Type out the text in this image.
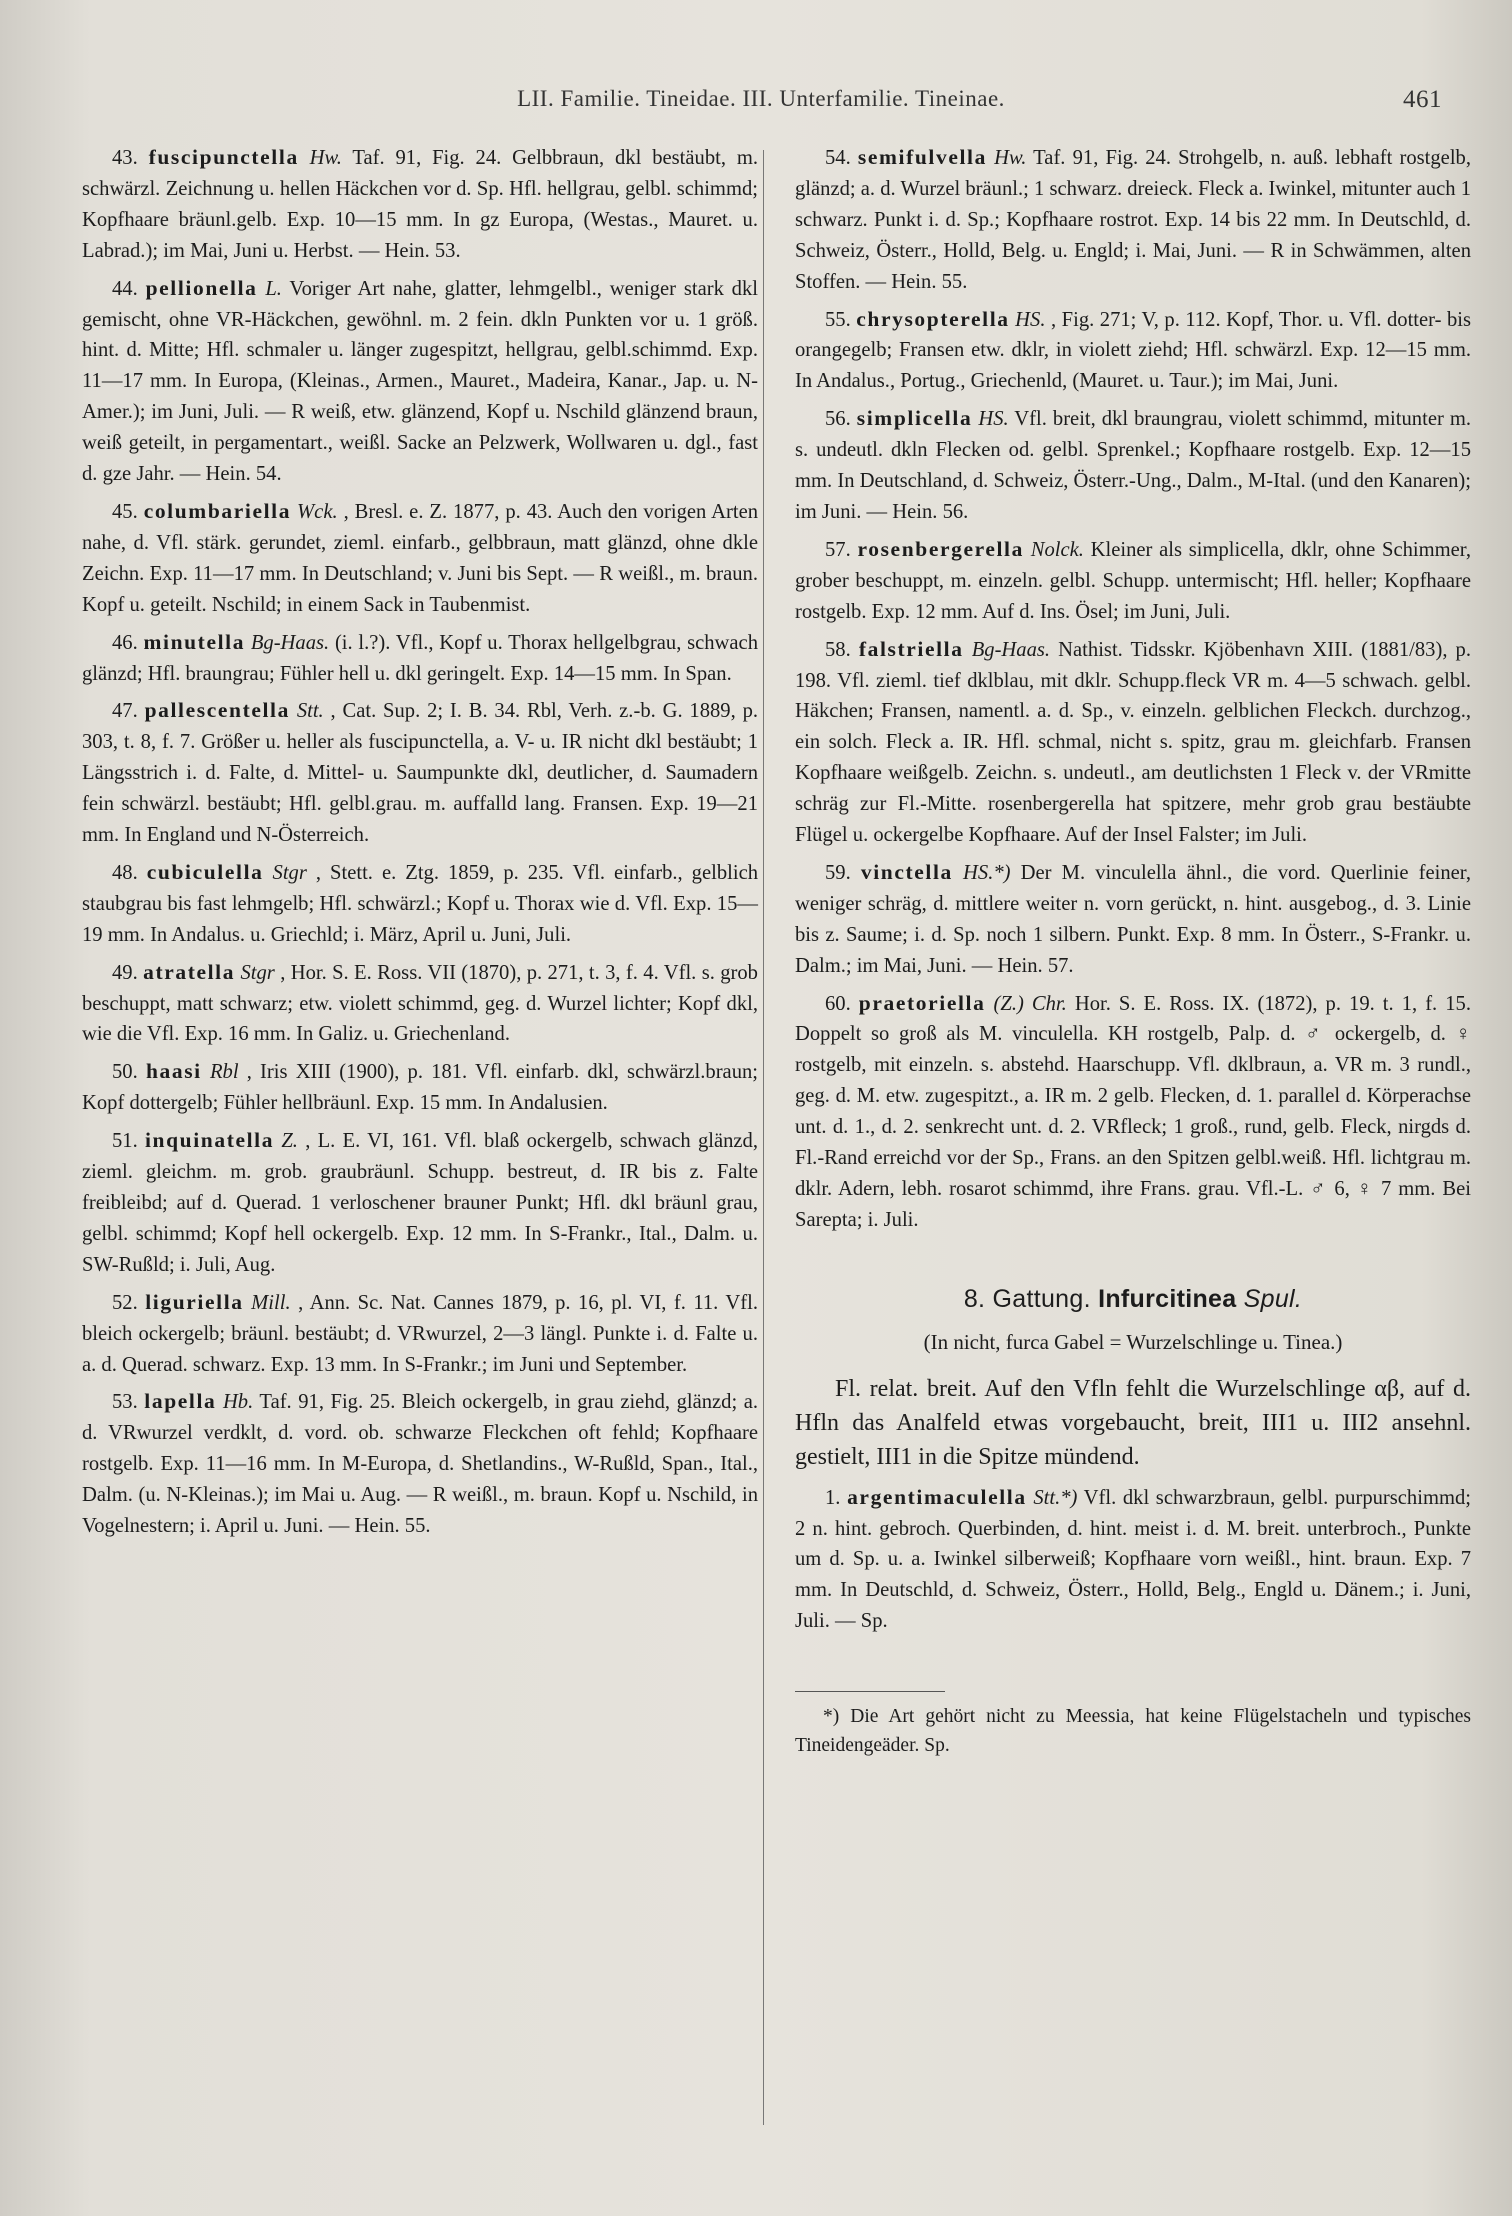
LII. Familie. Tineidae. III. Unterfamilie. Tineinae.	461

43. fuscipunctella Hw. Taf. 91, Fig. 24. Gelbbraun, dkl bestäubt, m. schwärzl. Zeichnung u. hellen Häckchen vor d. Sp. Hfl. hellgrau, gelbl. schimmd; Kopfhaare bräunl.gelb. Exp. 10—15 mm. In gz Europa, (Westas., Mauret. u. Labrad.); im Mai, Juni u. Herbst. — Hein. 53.

44. pellionella L. Voriger Art nahe, glatter, lehmgelbl., weniger stark dkl gemischt, ohne VR-Häckchen, gewöhnl. m. 2 fein. dkln Punkten vor u. 1 größ. hint. d. Mitte; Hfl. schmaler u. länger zugespitzt, hellgrau, gelbl.schimmd. Exp. 11—17 mm. In Europa, (Kleinas., Armen., Mauret., Madeira, Kanar., Jap. u. N-Amer.); im Juni, Juli. — R weiß, etw. glänzend, Kopf u. Nschild glänzend braun, weiß geteilt, in pergamentart., weißl. Sacke an Pelzwerk, Wollwaren u. dgl., fast d. gze Jahr. — Hein. 54.

45. columbariella Wck. , Bresl. e. Z. 1877, p. 43. Auch den vorigen Arten nahe, d. Vfl. stärk. gerundet, zieml. einfarb., gelbbraun, matt glänzd, ohne dkle Zeichn. Exp. 11—17 mm. In Deutschland; v. Juni bis Sept. — R weißl., m. braun. Kopf u. geteilt. Nschild; in einem Sack in Taubenmist.

46. minutella Bg-Haas. (i. l.?). Vfl., Kopf u. Thorax hellgelbgrau, schwach glänzd; Hfl. braungrau; Fühler hell u. dkl geringelt. Exp. 14—15 mm. In Span.

47. pallescentella Stt. , Cat. Sup. 2; I. B. 34. Rbl, Verh. z.-b. G. 1889, p. 303, t. 8, f. 7. Größer u. heller als fuscipunctella, a. V- u. IR nicht dkl bestäubt; 1 Längsstrich i. d. Falte, d. Mittel- u. Saumpunkte dkl, deutlicher, d. Saumadern fein schwärzl. bestäubt; Hfl. gelbl.grau. m. auffalld lang. Fransen. Exp. 19—21 mm. In England und N-Österreich.

48. cubiculella Stgr , Stett. e. Ztg. 1859, p. 235. Vfl. einfarb., gelblich staubgrau bis fast lehmgelb; Hfl. schwärzl.; Kopf u. Thorax wie d. Vfl. Exp. 15—19 mm. In Andalus. u. Griechld; i. März, April u. Juni, Juli.

49. atratella Stgr , Hor. S. E. Ross. VII (1870), p. 271, t. 3, f. 4. Vfl. s. grob beschuppt, matt schwarz; etw. violett schimmd, geg. d. Wurzel lichter; Kopf dkl, wie die Vfl. Exp. 16 mm. In Galiz. u. Griechenland.

50. haasi Rbl , Iris XIII (1900), p. 181. Vfl. einfarb. dkl, schwärzl.braun; Kopf dottergelb; Fühler hellbräunl. Exp. 15 mm. In Andalusien.

51. inquinatella Z. , L. E. VI, 161. Vfl. blaß ockergelb, schwach glänzd, zieml. gleichm. m. grob. graubräunl. Schupp. bestreut, d. IR bis z. Falte freibleibd; auf d. Querad. 1 verloschener brauner Punkt; Hfl. dkl bräunl grau, gelbl. schimmd; Kopf hell ockergelb. Exp. 12 mm. In S-Frankr., Ital., Dalm. u. SW-Rußld; i. Juli, Aug.

52. liguriella Mill. , Ann. Sc. Nat. Cannes 1879, p. 16, pl. VI, f. 11. Vfl. bleich ockergelb; bräunl. bestäubt; d. VRwurzel, 2—3 längl. Punkte i. d. Falte u. a. d. Querad. schwarz. Exp. 13 mm. In S-Frankr.; im Juni und September.

53. lapella Hb. Taf. 91, Fig. 25. Bleich ockergelb, in grau ziehd, glänzd; a. d. VRwurzel verdklt, d. vord. ob. schwarze Fleckchen oft fehld; Kopfhaare rostgelb. Exp. 11—16 mm. In M-Europa, d. Shetlandins., W-Rußld, Span., Ital., Dalm. (u. N-Kleinas.); im Mai u. Aug. — R weißl., m. braun. Kopf u. Nschild, in Vogelnestern; i. April u. Juni. — Hein. 55.

54. semifulvella Hw. Taf. 91, Fig. 24. Strohgelb, n. auß. lebhaft rostgelb, glänzd; a. d. Wurzel bräunl.; 1 schwarz. dreieck. Fleck a. Iwinkel, mitunter auch 1 schwarz. Punkt i. d. Sp.; Kopfhaare rostrot. Exp. 14 bis 22 mm. In Deutschld, d. Schweiz, Österr., Holld, Belg. u. Engld; i. Mai, Juni. — R in Schwämmen, alten Stoffen. — Hein. 55.

55. chrysopterella HS. , Fig. 271; V, p. 112. Kopf, Thor. u. Vfl. dotter- bis orangegelb; Fransen etw. dklr, in violett ziehd; Hfl. schwärzl. Exp. 12—15 mm. In Andalus., Portug., Griechenld, (Mauret. u. Taur.); im Mai, Juni.

56. simplicella HS. Vfl. breit, dkl braungrau, violett schimmd, mitunter m. s. undeutl. dkln Flecken od. gelbl. Sprenkel.; Kopfhaare rostgelb. Exp. 12—15 mm. In Deutschland, d. Schweiz, Österr.-Ung., Dalm., M-Ital. (und den Kanaren); im Juni. — Hein. 56.

57. rosenbergerella Nolck. Kleiner als simplicella, dklr, ohne Schimmer, grober beschuppt, m. einzeln. gelbl. Schupp. untermischt; Hfl. heller; Kopfhaare rostgelb. Exp. 12 mm. Auf d. Ins. Ösel; im Juni, Juli.

58. falstriella Bg-Haas. Nathist. Tidsskr. Kjöbenhavn XIII. (1881/83), p. 198. Vfl. zieml. tief dklblau, mit dklr. Schupp.fleck VR m. 4—5 schwach. gelbl. Häkchen; Fransen, namentl. a. d. Sp., v. einzeln. gelblichen Fleckch. durchzog., ein solch. Fleck a. IR. Hfl. schmal, nicht s. spitz, grau m. gleichfarb. Fransen Kopfhaare weißgelb. Zeichn. s. undeutl., am deutlichsten 1 Fleck v. der VRmitte schräg zur Fl.-Mitte. rosenbergerella hat spitzere, mehr grob grau bestäubte Flügel u. ockergelbe Kopfhaare. Auf der Insel Falster; im Juli.

59. vinctella HS.*) Der M. vinculella ähnl., die vord. Querlinie feiner, weniger schräg, d. mittlere weiter n. vorn gerückt, n. hint. ausgebog., d. 3. Linie bis z. Saume; i. d. Sp. noch 1 silbern. Punkt. Exp. 8 mm. In Österr., S-Frankr. u. Dalm.; im Mai, Juni. — Hein. 57.

60. praetoriella (Z.) Chr. Hor. S. E. Ross. IX. (1872), p. 19. t. 1, f. 15. Doppelt so groß als M. vinculella. KH rostgelb, Palp. d. ♂ ockergelb, d. ♀ rostgelb, mit einzeln. s. abstehd. Haarschupp. Vfl. dklbraun, a. VR m. 3 rundl., geg. d. M. etw. zugespitzt., a. IR m. 2 gelb. Flecken, d. 1. parallel d. Körperachse unt. d. 1., d. 2. senkrecht unt. d. 2. VRfleck; 1 groß., rund, gelb. Fleck, nirgds d. Fl.-Rand erreichd vor der Sp., Frans. an den Spitzen gelbl.weiß. Hfl. lichtgrau m. dklr. Adern, lebh. rosarot schimmd, ihre Frans. grau. Vfl.-L. ♂ 6, ♀ 7 mm. Bei Sarepta; i. Juli.

8. Gattung. Infurcitinea Spul.
(In nicht, furca Gabel = Wurzelschlinge u. Tinea.)
Fl. relat. breit. Auf den Vfln fehlt die Wurzelschlinge αβ, auf d. Hfln das Analfeld etwas vorgebaucht, breit, III1 u. III2 ansehnl. gestielt, III1 in die Spitze mündend.

1. argentimaculella Stt.*) Vfl. dkl schwarzbraun, gelbl. purpurschimmd; 2 n. hint. gebroch. Querbinden, d. hint. meist i. d. M. breit. unterbroch., Punkte um d. Sp. u. a. Iwinkel silberweiß; Kopfhaare vorn weißl., hint. braun. Exp. 7 mm. In Deutschld, d. Schweiz, Österr., Holld, Belg., Engld u. Dänem.; i. Juni, Juli. — Sp.

*) Die Art gehört nicht zu Meessia, hat keine Flügelstacheln und typisches Tineidengeäder. Sp.
